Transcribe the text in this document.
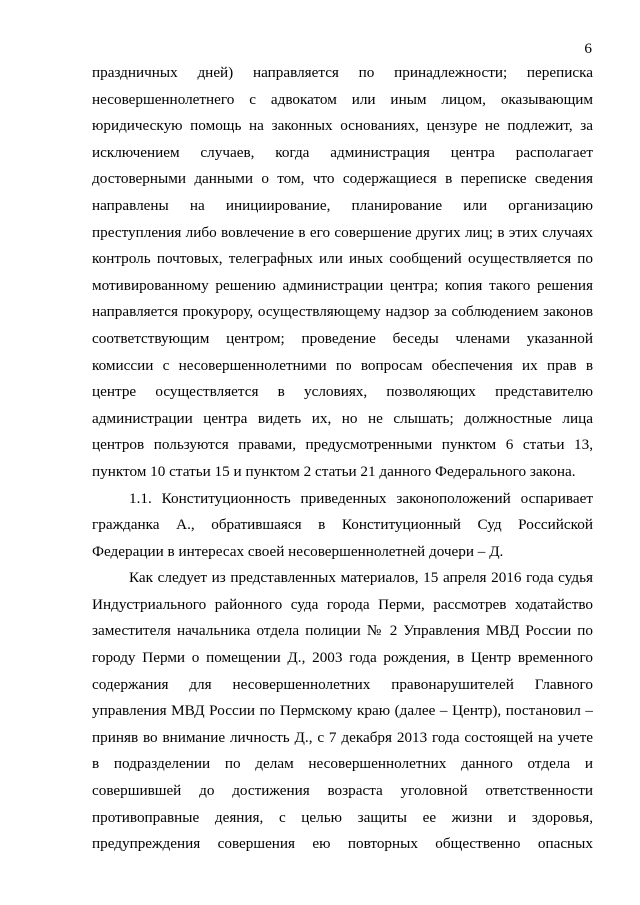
6
праздничных дней) направляется по принадлежности; переписка
несовершеннолетнего с адвокатом или иным лицом, оказывающим
юридическую помощь на законных основаниях, цензуре не подлежит, за
исключением случаев, когда администрация центра располагает
достоверными данными о том, что содержащиеся в переписке сведения
направлены на инициирование, планирование или организацию
преступления либо вовлечение в его совершение других лиц; в этих случаях
контроль почтовых, телеграфных или иных сообщений осуществляется по
мотивированному решению администрации центра; копия такого решения
направляется прокурору, осуществляющему надзор за соблюдением законов
соответствующим центром; проведение беседы членами указанной
комиссии с несовершеннолетними по вопросам обеспечения их прав в
центре осуществляется в условиях, позволяющих представителю
администрации центра видеть их, но не слышать; должностные лица
центров пользуются правами, предусмотренными пунктом 6 статьи 13,
пунктом 10 статьи 15 и пунктом 2 статьи 21 данного Федерального закона.
1.1. Конституционность приведенных законоположений оспаривает
гражданка А., обратившаяся в Конституционный Суд Российской
Федерации в интересах своей несовершеннолетней дочери – Д.
Как следует из представленных материалов, 15 апреля 2016 года судья
Индустриального районного суда города Перми, рассмотрев ходатайство
заместителя начальника отдела полиции № 2 Управления МВД России по
городу Перми о помещении Д., 2003 года рождения, в Центр временного
содержания для несовершеннолетних правонарушителей Главного
управления МВД России по Пермскому краю (далее – Центр), постановил –
приняв во внимание личность Д., с 7 декабря 2013 года состоящей на учете
в подразделении по делам несовершеннолетних данного отдела и
совершившей до достижения возраста уголовной ответственности
противоправные деяния, с целью защиты ее жизни и здоровья,
предупреждения совершения ею повторных общественно опасных
